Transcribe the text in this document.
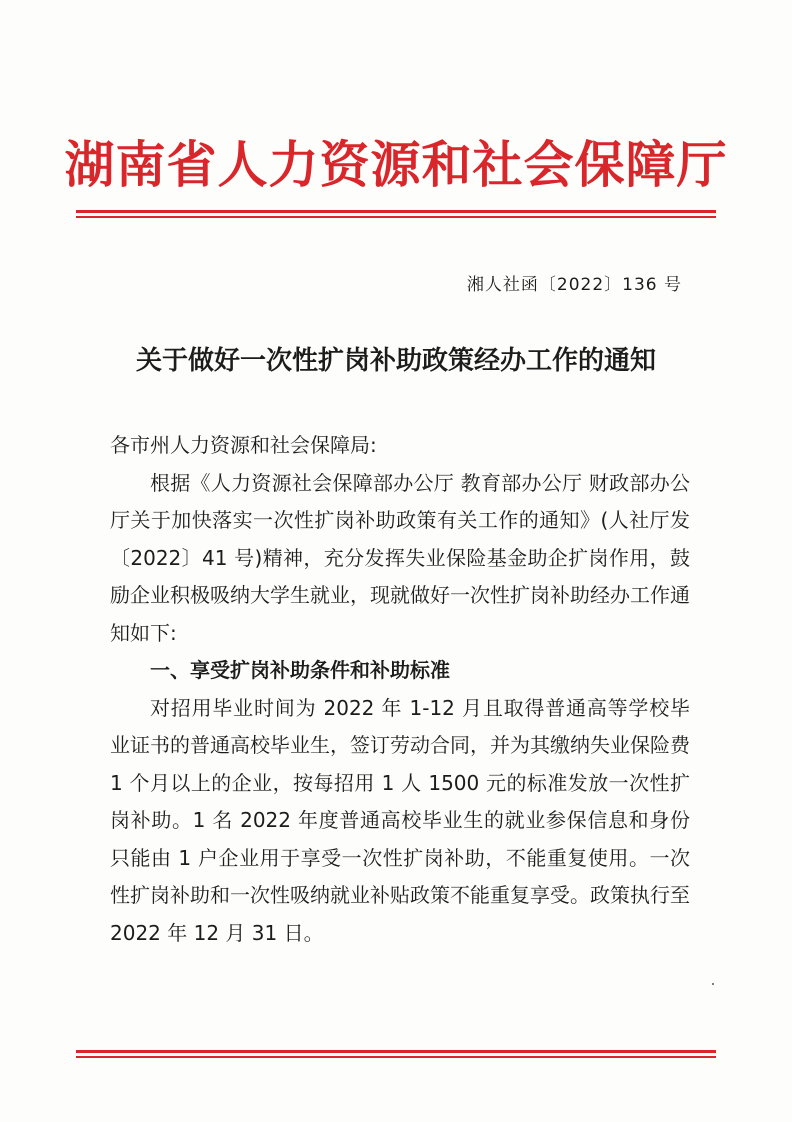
湖南省人力资源和社会保障厅
湘人社函〔2022〕136 号
关于做好一次性扩岗补助政策经办工作的通知

各市州人力资源和社会保障局:

根据《人力资源社会保障部办公厅 教育部办公厅 财政部办公厅关于加快落实一次性扩岗补助政策有关工作的通知》(人社厅发〔2022〕41 号)精神，充分发挥失业保险基金助企扩岗作用，鼓励企业积极吸纳大学生就业，现就做好一次性扩岗补助经办工作通知如下:

一、享受扩岗补助条件和补助标准

对招用毕业时间为 2022 年 1-12 月且取得普通高等学校毕业证书的普通高校毕业生，签订劳动合同，并为其缴纳失业保险费 1 个月以上的企业，按每招用 1 人 1500 元的标准发放一次性扩岗补助。1 名 2022 年度普通高校毕业生的就业参保信息和身份只能由 1 户企业用于享受一次性扩岗补助，不能重复使用。一次性扩岗补助和一次性吸纳就业补贴政策不能重复享受。政策执行至 2022 年 12 月 31 日。
